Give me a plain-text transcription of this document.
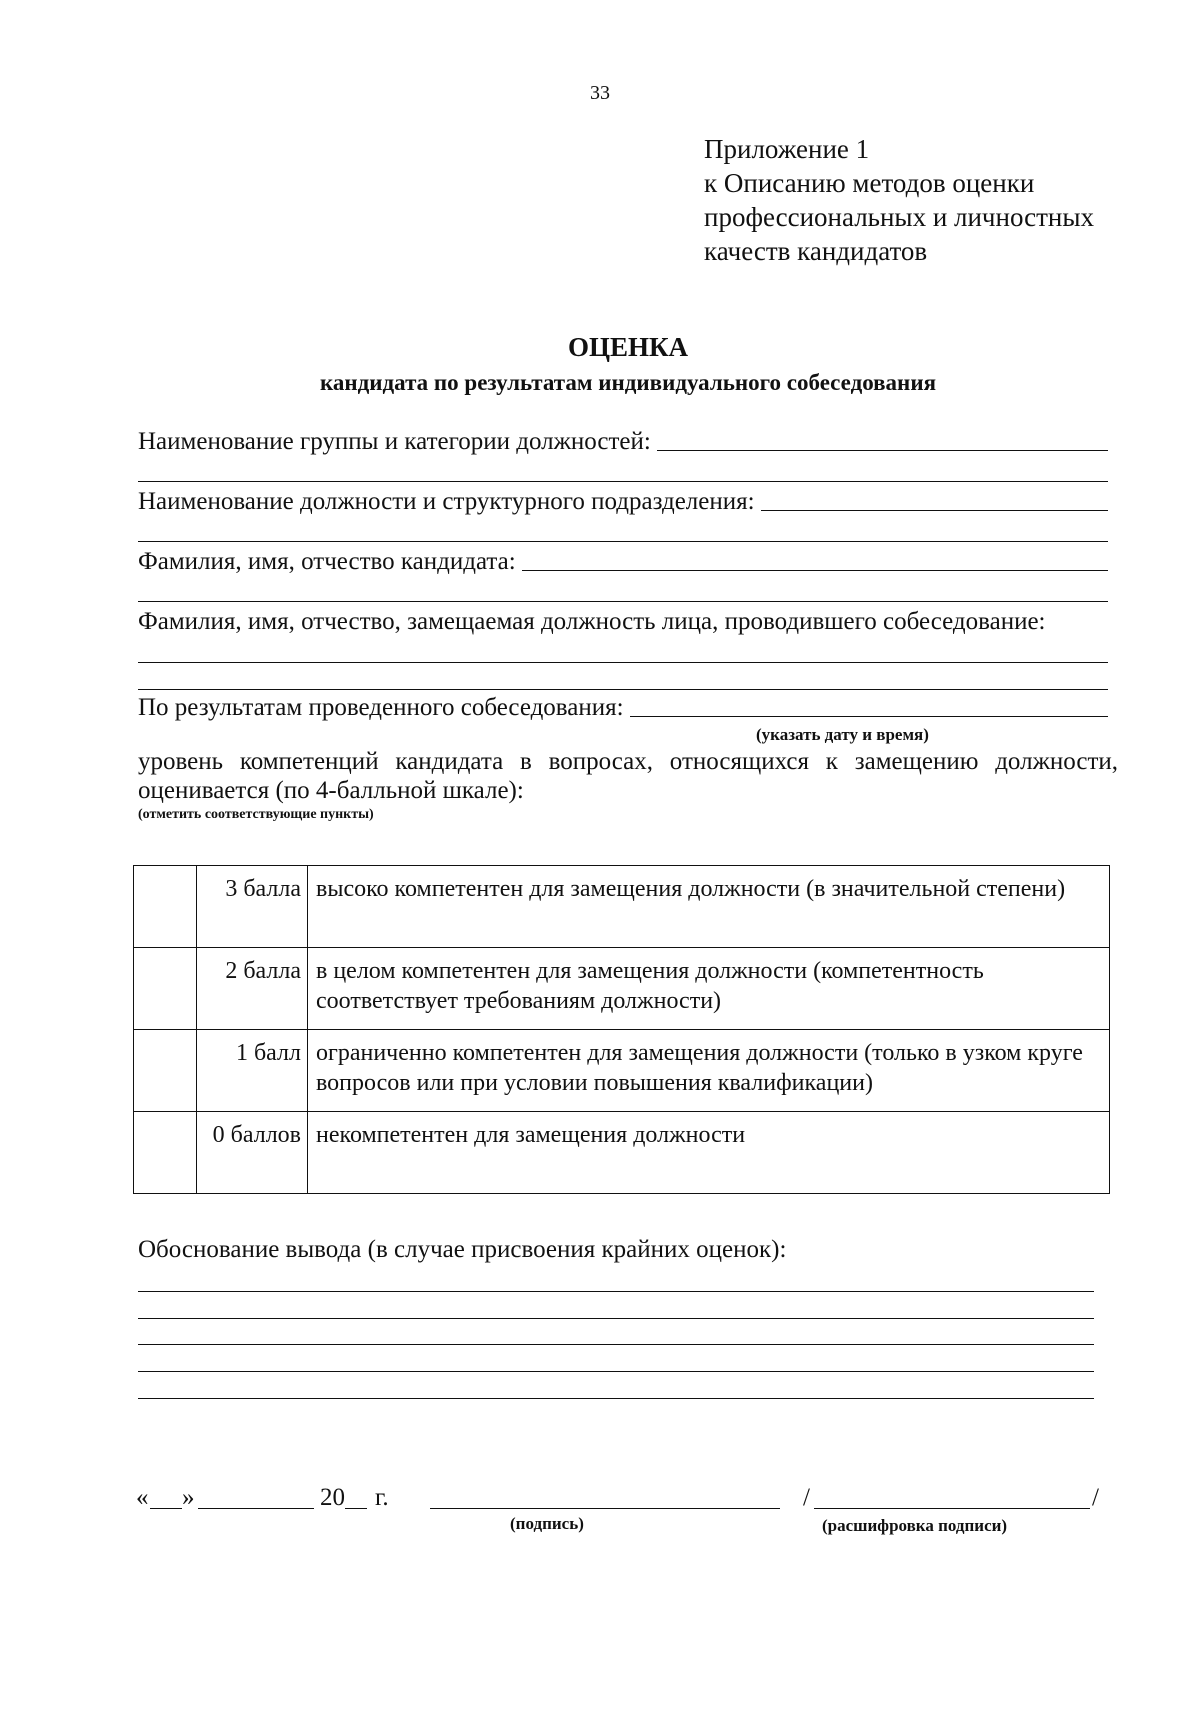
33
Приложение 1
к Описанию методов оценки
профессиональных и личностных
качеств кандидатов
ОЦЕНКА
кандидата по результатам индивидуального собеседования
Наименование группы и категории должностей:
Наименование должности и структурного подразделения:
Фамилия, имя, отчество кандидата:
Фамилия, имя, отчество, замещаемая должность лица, проводившего собеседование:
По результатам проведенного собеседования:
(указать дату и время)
уровень компетенций кандидата в вопросах, относящихся к замещению должности,
оценивается (по 4-балльной шкале):
(отметить соответствующие пункты)
	3 балла	высоко компетентен для замещения должности (в значительной степени)
	2 балла	в целом компетентен для замещения должности (компетентность соответствует требованиям должности)
	1 балл	ограниченно компетентен для замещения должности (только в узком круге вопросов или при условии повышения квалификации)
	0 баллов	некомпетентен для замещения должности
Обоснование вывода (в случае присвоения крайних оценок):
« »	20 г.
(подпись)
/	/
(расшифровка подписи)
